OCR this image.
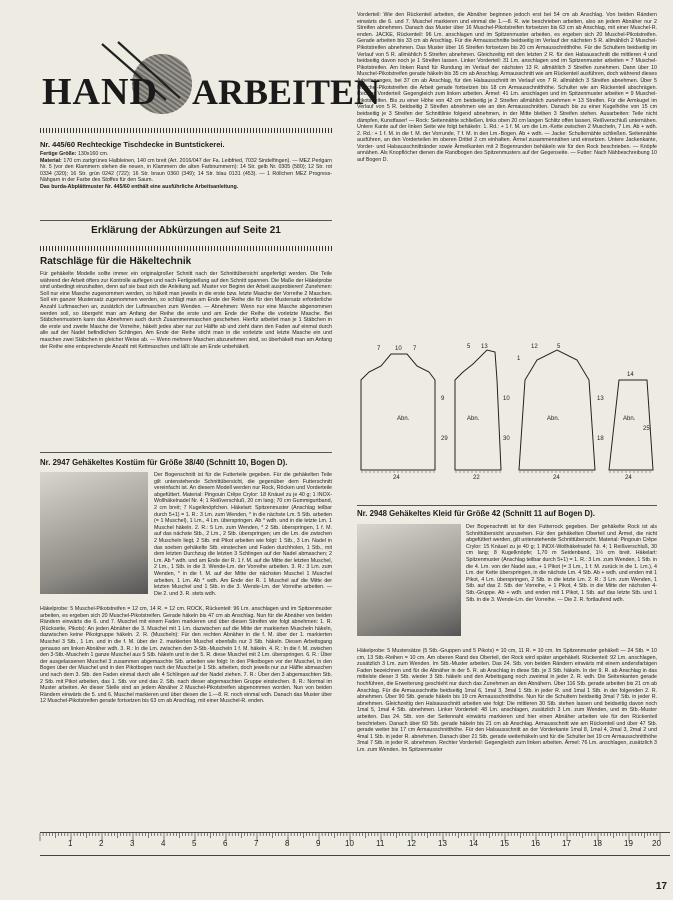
HAND ARBEITEN

Nr. 445/60 Rechteckige Tischdecke in Buntstickerei.

Fertige Größe: 130x160 cm.

Material: 170 cm zartgrünes Halbleinen, 140 cm breit (Art. 2016/047 der Fa. Leibfried, 7032 Sindelfingen). — MEZ Perlgarn Nr. 5 (vor den Klammern stehen die neuen, in Klammern die alten Farbnummern): 14 Str. gelb Nr. 0305 (580); 12 Str. rot 0334 (320); 16 Str. grün 0242 (722); 16 Str. braun 0360 (349); 14 Str. blau 0131 (453). — 1 Röllchen MEZ Progress-Nähgarn in der Farbe des Stoffes für den Saum.

Das burda-Abplättmuster Nr. 445/60 enthält eine ausführliche Arbeitsanleitung.

Erklärung der Abkürzungen auf Seite 21

Ratschläge für die Häkeltechnik

Für gehäkelte Modelle sollte immer ein originalgroßer Schnitt nach der Schnittübersicht angefertigt werden. Die Teile während der Arbeit öfters zur Kontrolle auflegen und nach Fertigstellung auf den Schnitt spannen. Die Maße der Häkelprobe sind unbedingt einzuhalten, denn auf sie baut sich die Anleitung auf. Muster vor Beginn der Arbeit ausprobieren! Zunehmen: Soll nur eine Masche zugenommen werden, so häkelt man jeweils in die erste bzw. letzte Masche der Vorreihe 2 Maschen. Soll ein ganzer Mustersatz zugenommen werden, so schlägt man am Ende der Reihe die für den Mustersatz erforderliche Anzahl Luftmaschen an, zusätzlich der Luftmaschen zum Wenden. — Abnehmen: Wenn nur eine Masche abgenommen werden soll, so übergeht man am Anfang der Reihe die erste und am Ende der Reihe die vorletzte Masche. Bei Stäbchenmustern kann das Abnehmen auch durch Zusammenmaschen geschehen. Hierfür arbeitet man je 1 Stäbchen in die erste und zweite Masche der Vorreihe, häkelt jedes aber nur zur Hälfte ab und zieht dann den Faden auf einmal durch alle auf der Nadel befindlichen Schlingen. Am Ende der Reihe sticht man in die vorletzte und letzte Masche ein und maschen zwei Stäbchen in gleicher Weise ab. — Wenn mehrere Maschen abzunehmen sind, so überhäkelt man am Anfang der Reihe eine entsprechende Anzahl mit Kettmaschen und läßt sie am Ende unbehäkelt.

Nr. 2947 Gehäkeltes Kostüm für Größe 38/40 (Schnitt 10, Bogen D).

Der Bogenschnitt ist für die Futterteile gegeben. Für die gehäkelten Teile gilt untenstehende Schnittübersicht, die gegenüber dem Futterschnitt vereinfacht ist. An diesem Modell werden nur Rock, Röcken und Vorderteile abgefüttert. Material: Pingouin Crêpe Crylor: 18 Knäuel zu je 40 g; 1 INOX-Wollhäkelnadel Nr. 4; 1 Reißverschluß, 20 cm lang; 70 cm Gummigurtband, 2 cm breit; 7 Kugelknöpfchen. Häkelart: Spitzenmuster (Anschlag teilbar durch 5+1) = 1. R.: 3 Lm. zum Wenden, * in die nächste Lm. 5 Stb. arbeiten (= 1 Muschel), 1 Lm., 4 Lm. überspringen. Ab * wdh. und in die letzte Lm. 1 Muschel häkeln. 2. R.: 5 Lm. zum Wenden, * 2 Stb. überspringen, 1 f. M. auf das nächste Stb., 2 Lm., 2 Stb. überspringen; um die Lm. die zwischen 2 Muscheln liegt, 2 Stb. mit Pikot arbeiten wie folgt: 1 Stb., 3 Lm. Nadel in das soeben gehäkelte Stb. einstechen und Faden durchholen, 1 Stb., mit dem letzten Durchzug die letzten 3 Schlingen auf der Nadel abmaschen; 2 Lm. Ab * wdh. und am Ende der R. 1 f. M. auf die Mitte der letzten Muschel, 2 Lm., 1 Stb. in die 3. Wende-Lm. der Vorreihe arbeiten. 3. R.: 3 Lm. zum Wenden, * in die f. M. auf der Mitte der nächsten Muschel 1 Muschel arbeiten, 1 Lm. Ab * wdh. Am Ende der R. 1 Muschel auf die Mitte der letzten Muschel und 1 Stb. in die 3. Wende-Lm. der Vorreihe arbeiten. — Die 2. und 3. R. stets wdh.

Häkelprobe: 5 Muschel-Pikotstreifen = 12 cm, 14 R. = 12 cm. ROCK, Rückenteil: 96 Lm. anschlagen und im Spitzenmuster arbeiten, es ergeben sich 20 Muschel-Pikotstreifen. Gerade häkeln bis 47 cm ab Anschlag. Nun für die Abnäher von beiden Rändern einwärts die 6. und 7. Muschel mit einem Faden markieren und über diesen Streifen wie folgt abnehmen: 1. R. (Rückseite, Pikots): An jeden Abnäher die 3. Muschel mit 1 Lm. dazwischen auf die Mitte der markierten Muscheln häkeln, dazwischen keine Pikotgruppe häkeln. 2. R. (Muscheln): Für den rechten Abnäher in die f. M. über der 1. markierten Muschel 3 Stb., 1 Lm. und in die f. M. über der 2. markierten Muschel ebenfalls nur 3 Stb. häkeln. Diesen Arbeitsgang genauso am linken Abnäher wdh. 3. R.: In die Lm. zwischen den 3-Stb.-Muscheln 1 f. M. häkeln. 4. R.: In die f. M. zwischen den 3-Stb.-Muscheln 1 ganze Muschel aus 5 Stb. häkeln und in der 5. R. diese Muschel mit 2 Lm. überspringen. 6. R.: Über der ausgelassenen Muschel 3 zusammen abgemaschte Stb. arbeiten wie folgt: In den Pikotbogen vor der Muschel, in den Bogen über der Muschel und in den Pikotbogen nach der Muschel je 1 Stb. arbeiten, doch jeweils nur zur Hälfte abmaschen und nach dem 3. Stb. den Faden einmal durch alle 4 Schlingen auf der Nadel ziehen. 7. R.: Über den 3 abgemaschten Stb. 2 Stb. mit Pikot arbeiten, das 1. Stb. vor und das 2. Stb. nach dieser abgemaschten Gruppe einstechen. 8. R.: Normal im Muster arbeiten. An dieser Stelle sind an jedem Abnäher 2 Muschel-Pikotstreifen abgenommen worden. Nun von beiden Rändern einwärts die 5. und 6. Muschel markieren und über diesen die 1.—8. R. noch einmal wdh. Danach das Muster über 12 Muschel-Pikotstreifen gerade fortsetzen bis 63 cm ab Anschlag, mit einer Muschel-R. enden.

Vorderteil: Wie den Rückenteil arbeiten, die Abnäher beginnen jedoch erst bei 54 cm ab Anschlag. Von beiden Rändern einwärts die 6. und 7. Muschel markieren und einmal die 1.—8. R. wie beschrieben arbeiten, also an jedem Abnäher nur 2 Streifen abnehmen. Danach das Muster über 16 Muschel-Pikotstreifen fortsetzen bis 63 cm ab Anschlag, mit einer Muschel-R. enden. JACKE, Rückenteil: 96 Lm. anschlagen und im Spitzenmuster arbeiten, es ergeben sich 20 Muschel-Pikotstreifen. Gerade arbeiten bis 33 cm ab Anschlag. Für die Armausschnitte beidseitig im Verlauf der nächsten 5 R. allmählich 2 Muschel-Pikotstreifen abnehmen. Das Muster über 16 Streifen fortsetzen bis 20 cm Armausschnitthöhe. Für die Schultern beidseitig im Verlauf von 5 R. allmählich 5 Streifen abnehmen. Gleichzeitig mit den letzten 2 R. für den Halsausschnitt die mittleren 4 und beidseitig davon noch je 1 Streifen lassen. Linker Vorderteil: 31 Lm. anschlagen und im Spitzenmuster arbeiten = 7 Muschel-Pikotstreifen. Am linken Rand für Rundung im Verlauf der nächsten 13 R. allmählich 3 Streifen zunehmen. Dann über 10 Muschel-Pikotstreifen gerade häkeln bis 35 cm ab Anschlag. Armausschnitt wie am Rückenteil ausführen, doch während dieses Arbeitsganges, bei 37 cm ab Anschlag, für den Halsausschnitt im Verlauf von 7 R. allmählich 3 Streifen abnehmen. Über 5 Muschel-Pikotstreifen die Arbeit gerade fortsetzen bis 18 cm Armausschnitthöhe. Schulter wie am Rückenteil abschrägen. Rechter Vorderteil: Gegengleich zum linken arbeiten. Ärmel: 41 Lm. anschlagen und im Spitzenmuster arbeiten = 9 Muschel-Pikotstreifen. Bis zu einer Höhe von 42 cm beidseitig je 2 Streifen allmählich zunehmen = 13 Streifen. Für die Armkugel im Verlauf von 5 R. beidseitig 2 Streifen abnehmen wie an den Armausschnitten. Danach bis zu einer Kugelhöhe von 15 cm beidseitig je 3 Streifen der Schnittlinie folgend abnehmen, in der Mitte bleiben 3 Streifen stehen. Ausarbeiten: Teile nicht dämpfen, Kunstfaser! — Rock: Seitennähte schließen, links oben 20 cm langen Schlitz offen lassen, Reißverschluß unternähen. Untere Kante auf der linken Seite wie folgt behäkeln: 1. Rd.: + 1 f. M. um die Lm.-Kette zwischen 2 Muscheln, 7 Lm. Ab + wdh. 2. Rd.: + 1 f. M. in die f. M. der Vorrunde, 7 f. M. in den Lm.-Bogen. Ab + wdh. — Jacke: Schulternähte schließen. Seitennähte ausführen, an den Vorderteilen im oberen Drittel 2 cm einhalten. Ärmel zusammennähen und einsetzen. Untere Jackenkante, Vorder- und Halsausschnittränder sowie Ärmelkanten mit 2 Bogenrunden behäkeln wie für den Rock beschrieben. — Knöpfe annähen. Als Knopflöcher dienen die Randbogen des Spitzenmusters auf der Gegenseite. — Futter: Nach Nähbeschreibung 10 auf Bogen D.

7 10 7
24
9
29
5 13
10
30
1
12	5
24
13
18
14
25
24
22
Abn.	Abn.	Abn.	Abn.

Nr. 2948 Gehäkeltes Kleid für Größe 42 (Schnitt 11 auf Bogen D).

Der Bogenschnitt ist für den Futterrock gegeben. Der gehäkelte Rock ist als Schnittübersicht anzusehen. Für den gehäkelten Oberteil und Ärmel, die nicht abgefüttert werden, gilt untenstehende Schnittübersicht. Material: Pingouin Crêpe Crylor: 15 Knäuel zu je 40 g; 1 INOX-Wollhäkelnadel Nr. 4; 1 Reißverschluß, 30 cm lang; 8 Kugelknöpfe; 1,70 m Seidenband, 1½ cm breit. Häkelart: Spitzenmuster (Anschlag teilbar durch 5+1) = 1. R.: 3 Lm. zum Wenden, 1 Stb. in die 4. Lm. von der Nadel aus, + 1 Pikot (= 3 Lm., 1 f. M. zurück in die 1. Lm.), 4 Lm. der Kette überspringen, in die nächste Lm. 4 Stb. Ab + wdh. und enden mit 1 Pikot, 4 Lm. überspringen, 2 Stb. in die letzte Lm. 2. R.: 3 Lm. zum Wenden, 1 Stb. auf das 2. Stb. der Vorreihe, + 1 Pikot, 4 Stb. in die Mitte der nächsten 4-Stb.-Gruppe. Ab + wdh. und enden mit 1 Pikot, 1 Stb. auf das letzte Stb. und 1 Stb. in die 3. Wende-Lm. der Vorreihe. — Die 2. R. fortlaufend wdh.

Häkelprobe: 5 Mustersätze (5 Stb.-Gruppen und 5 Pikots) = 10 cm, 11 R. = 10 cm. Im Spitzenmuster gehäkelt — 24 Stb. = 10 cm, 13 Stb.-Reihen = 10 cm. Am oberen Rand des Oberteil, der Rock wird später angehäkelt. Rückenteil: 92 Lm. anschlagen, zusätzlich 3 Lm. zum Wenden. Im Stb.-Muster arbeiten. Das 24. Stb. von beiden Rändern einwärts mit einem andersfarbigen Faden bezeichnen und für die Abnäher in der 5. R. ab Anschlag in diese Stb. je 3 Stb. häkeln. In der 9. R. ab Anschlag in das mittelste dieser 3 Stb. wieder 3 Stb. häkeln und den Arbeitsgang noch zweimal in jeder 2. R. wdh. Die Seitenkanten gerade hochführen, die Erweiterung geschieht nur durch das Zunehmen an den Abnähern. Über 116 Stb. gerade arbeiten bis 21 cm ab Anschlag. Für die Armausschnitte beidseitig 1mal 6, 1mal 3, 3mal 1 Stb. in jeder R. und 1mal 1 Stb. in der folgenden 2. R. abnehmen. Über 90 Stb. gerade häkeln bis 19 cm Armausschnitthöhe. Nun für die Schultern beidseitig 3mal 7 Stb. in jeder R. abnehmen. Gleichzeitig den Halsausschnitt arbeiten wie folgt: Die mittleren 30 Stb. stehen lassen und beidseitig davon noch 1mal 5, 1mal 4 Stb. abnehmen. Linker Vorderteil: 48 Lm. anschlagen, zusätzlich 3 Lm. zum Wenden, und im Stb.-Muster arbeiten. Das 24. Stb. von der Seitennaht einwärts markieren und hier einen Abnäher arbeiten wie für den Rückenteil beschrieben. Danach über 60 Stb. gerade häkeln bis 21 cm ab Anschlag. Armausschnitt wie am Rückenteil und über 47 Stb. gerade weiter bis 17 cm Armausschnitthöhe. Für den Halsausschnitt an der Vorderkante 1mal 8, 1mal 4, 2mal 3, 2mal 2 und 4mal 1 Stb. in jeder R. abnehmen. Danach über 21 Stb. gerade weiterhäkeln und für die Schulter bei 19 cm Armausschnitthöhe 3mal 7 Stb. in jeder R. abnehmen. Rechter Vorderteil: Gegengleich zum linken arbeiten. Ärmel: 76 Lm. anschlagen, zusätzlich 3 Lm. zum Wenden. Im Spitzenmuster

1	2	3	4	5	6	7	8	9	10	11	12	13	14	15	16	17	18	19 20
17
